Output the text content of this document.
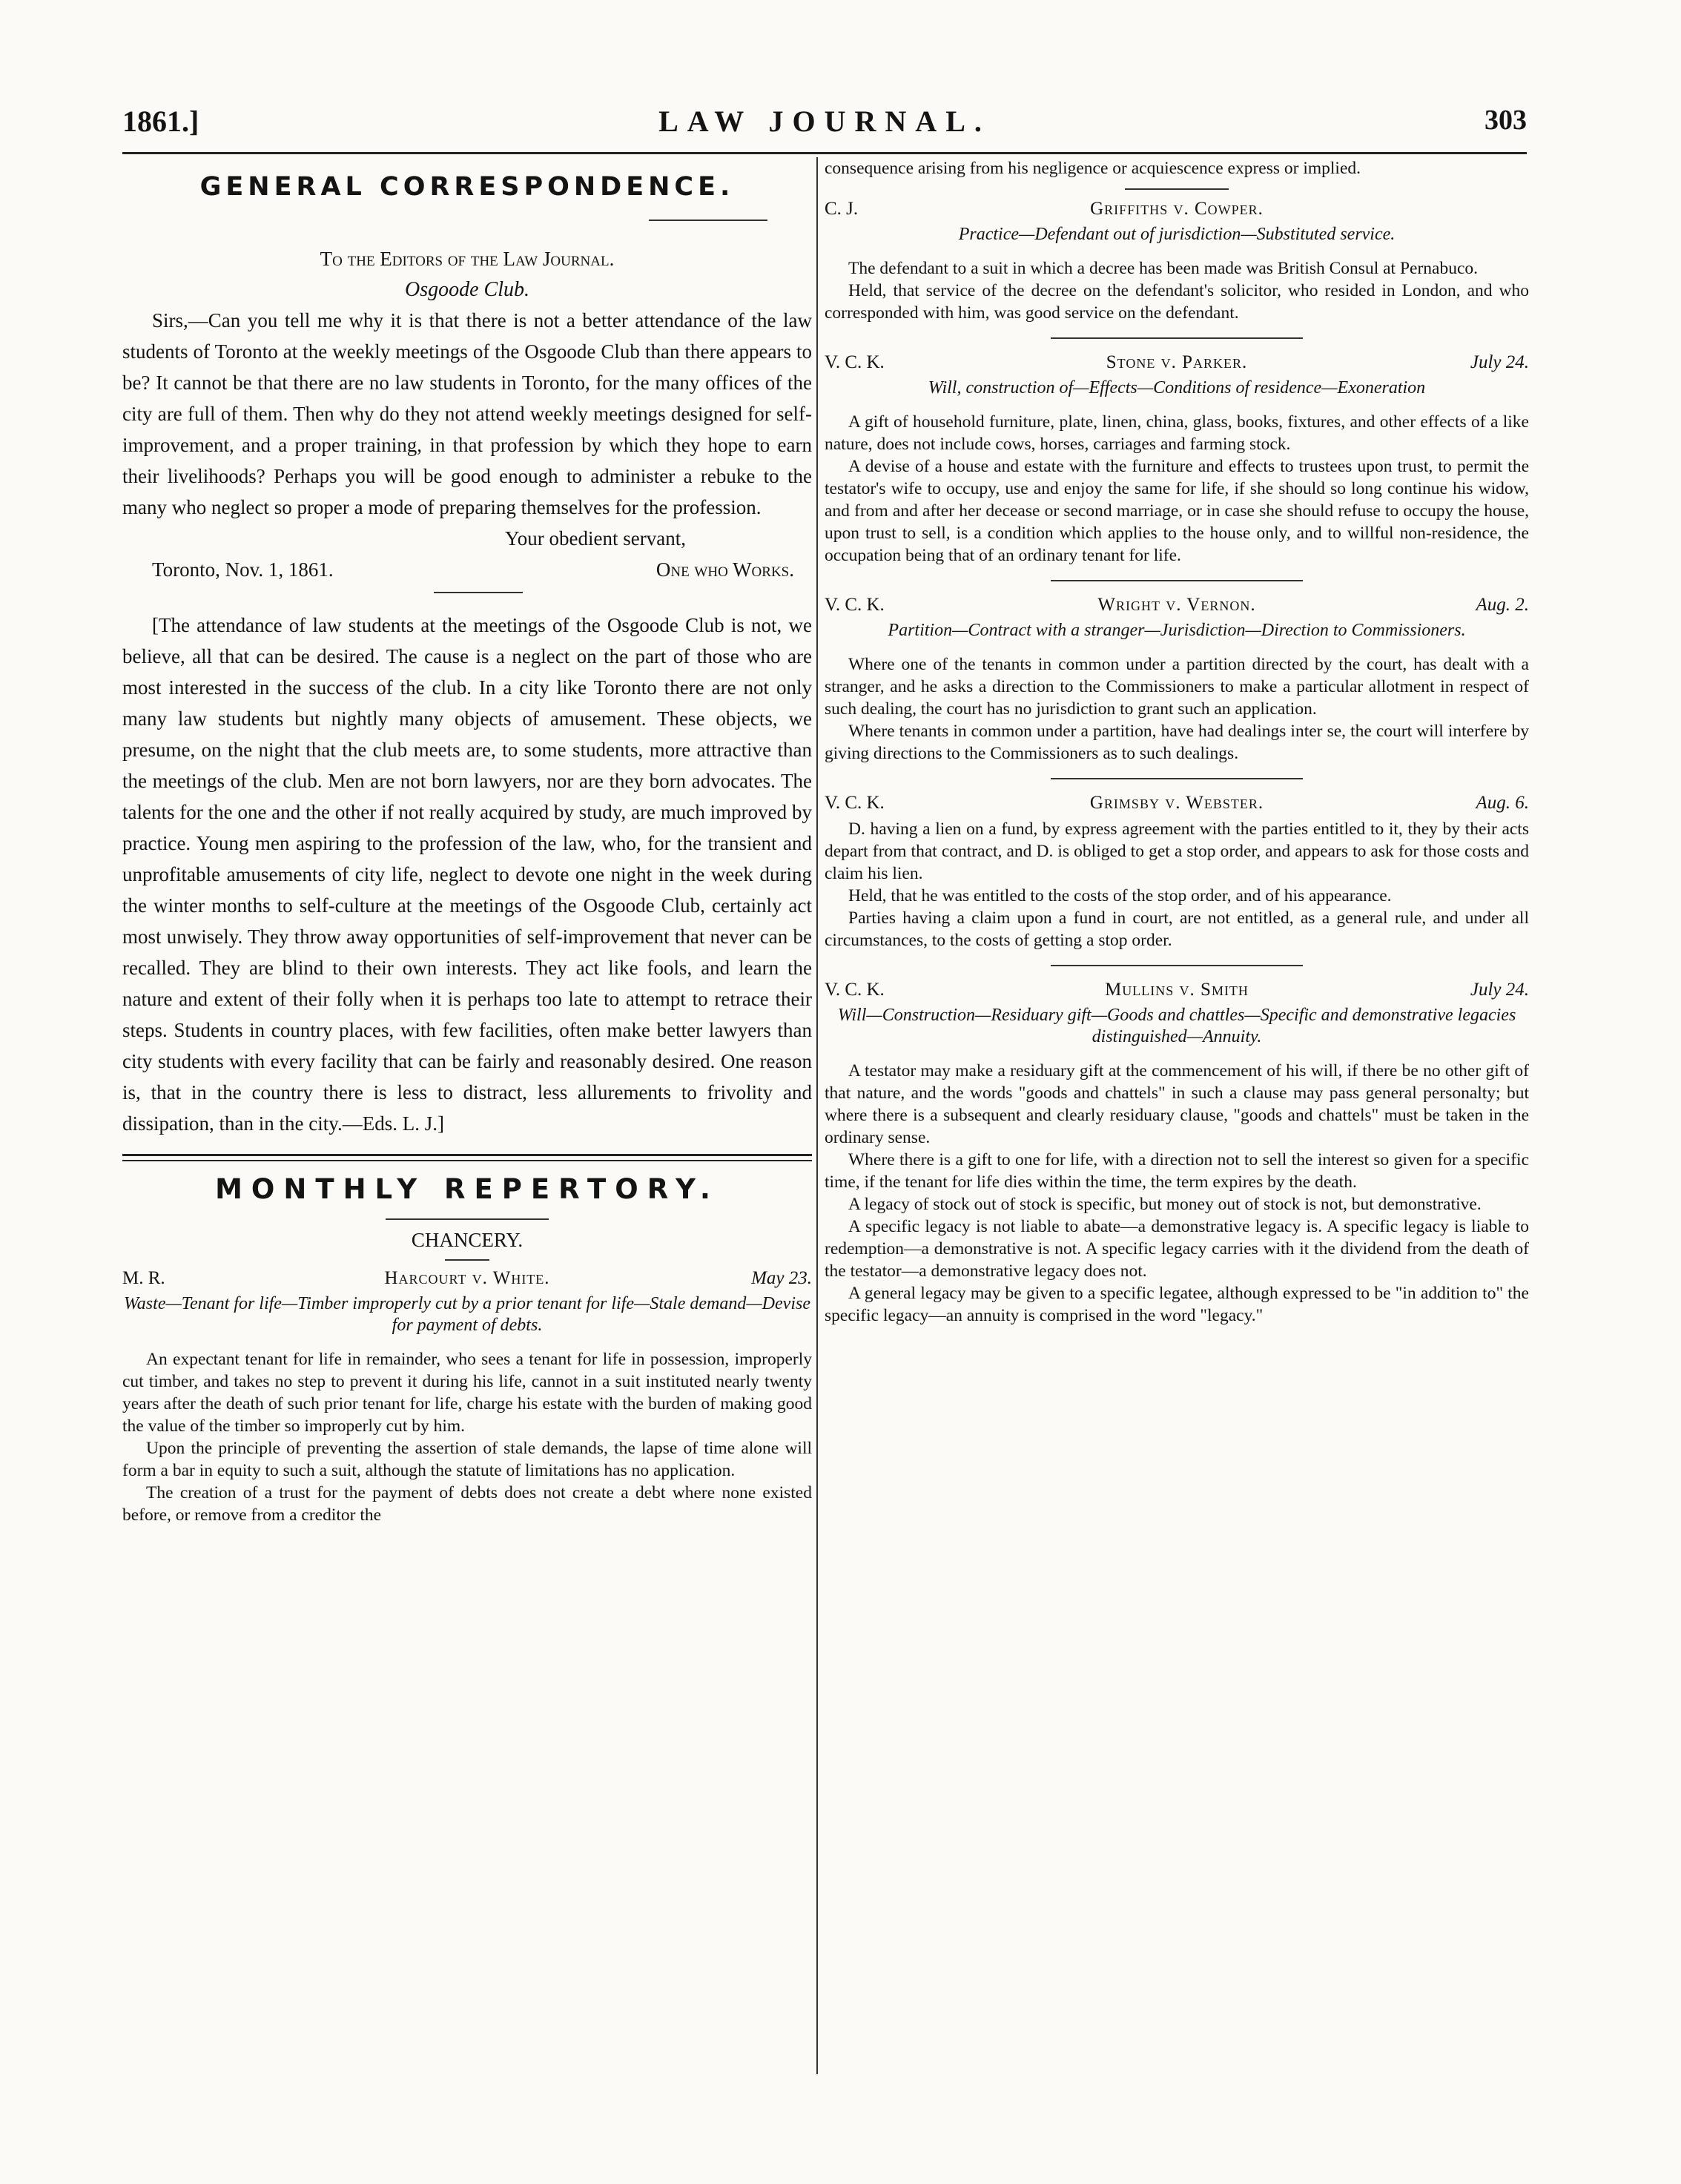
LAW JOURNAL.
1861.]	303
GENERAL CORRESPONDENCE.
To the Editors of the Law Journal.
Osgoode Club.

Sirs,—Can you tell me why it is that there is not a better attendance of the law students of Toronto at the weekly meetings of the Osgoode Club than there appears to be? It cannot be that there are no law students in Toronto, for the many offices of the city are full of them. Then why do they not attend weekly meetings designed for self-improvement, and a proper training, in that profession by which they hope to earn their livelihoods? Perhaps you will be good enough to administer a rebuke to the many who neglect so proper a mode of preparing themselves for the profession.

Your obedient servant,
Toronto, Nov. 1, 1861.	One who Works.

[The attendance of law students at the meetings of the Osgoode Club is not, we believe, all that can be desired. The cause is a neglect on the part of those who are most interested in the success of the club. In a city like Toronto there are not only many law students but nightly many objects of amusement. These objects, we presume, on the night that the club meets are, to some students, more attractive than the meetings of the club. Men are not born lawyers, nor are they born advocates. The talents for the one and the other if not really acquired by study, are much improved by practice. Young men aspiring to the profession of the law, who, for the transient and unprofitable amusements of city life, neglect to devote one night in the week during the winter months to self-culture at the meetings of the Osgoode Club, certainly act most unwisely. They throw away opportunities of self-improvement that never can be recalled. They are blind to their own interests. They act like fools, and learn the nature and extent of their folly when it is perhaps too late to attempt to retrace their steps. Students in country places, with few facilities, often make better lawyers than city students with every facility that can be fairly and reasonably desired. One reason is, that in the country there is less to distract, less allurements to frivolity and dissipation, than in the city.—Eds. L. J.]

MONTHLY REPERTORY.
CHANCERY.
M. R.	Harcourt v. White.	May 23.
Waste—Tenant for life—Timber improperly cut by a prior tenant for life—Stale demand—Devise for payment of debts.

An expectant tenant for life in remainder, who sees a tenant for life in possession, improperly cut timber, and takes no step to prevent it during his life, cannot in a suit instituted nearly twenty years after the death of such prior tenant for life, charge his estate with the burden of making good the value of the timber so improperly cut by him.

Upon the principle of preventing the assertion of stale demands, the lapse of time alone will form a bar in equity to such a suit, although the statute of limitations has no application.

The creation of a trust for the payment of debts does not create a debt where none existed before, or remove from a creditor the

consequence arising from his negligence or acquiescence express or implied.

C. J.	Griffiths v. Cowper.
Practice—Defendant out of jurisdiction—Substituted service.

The defendant to a suit in which a decree has been made was British Consul at Pernabuco.

Held, that service of the decree on the defendant's solicitor, who resided in London, and who corresponded with him, was good service on the defendant.

V. C. K.	Stone v. Parker.	July 24.
Will, construction of—Effects—Conditions of residence—Exoneration

A gift of household furniture, plate, linen, china, glass, books, fixtures, and other effects of a like nature, does not include cows, horses, carriages and farming stock.

A devise of a house and estate with the furniture and effects to trustees upon trust, to permit the testator's wife to occupy, use and enjoy the same for life, if she should so long continue his widow, and from and after her decease or second marriage, or in case she should refuse to occupy the house, upon trust to sell, is a condition which applies to the house only, and to willful non-residence, the occupation being that of an ordinary tenant for life.

V. C. K.	Wright v. Vernon.	Aug. 2.
Partition—Contract with a stranger—Jurisdiction—Direction to Commissioners.

Where one of the tenants in common under a partition directed by the court, has dealt with a stranger, and he asks a direction to the Commissioners to make a particular allotment in respect of such dealing, the court has no jurisdiction to grant such an application.

Where tenants in common under a partition, have had dealings inter se, the court will interfere by giving directions to the Commissioners as to such dealings.

V. C. K.	Grimsby v. Webster.	Aug. 6.

D. having a lien on a fund, by express agreement with the parties entitled to it, they by their acts depart from that contract, and D. is obliged to get a stop order, and appears to ask for those costs and claim his lien.

Held, that he was entitled to the costs of the stop order, and of his appearance.

Parties having a claim upon a fund in court, are not entitled, as a general rule, and under all circumstances, to the costs of getting a stop order.

V. C. K.	Mullins v. Smith	July 24.
Will—Construction—Residuary gift—Goods and chattles—Specific and demonstrative legacies distinguished—Annuity.

A testator may make a residuary gift at the commencement of his will, if there be no other gift of that nature, and the words "goods and chattels" in such a clause may pass general personalty; but where there is a subsequent and clearly residuary clause, "goods and chattels" must be taken in the ordinary sense.

Where there is a gift to one for life, with a direction not to sell the interest so given for a specific time, if the tenant for life dies within the time, the term expires by the death.

A legacy of stock out of stock is specific, but money out of stock is not, but demonstrative.

A specific legacy is not liable to abate—a demonstrative legacy is. A specific legacy is liable to redemption—a demonstrative is not. A specific legacy carries with it the dividend from the death of the testator—a demonstrative legacy does not.

A general legacy may be given to a specific legatee, although expressed to be "in addition to" the specific legacy—an annuity is comprised in the word "legacy."
